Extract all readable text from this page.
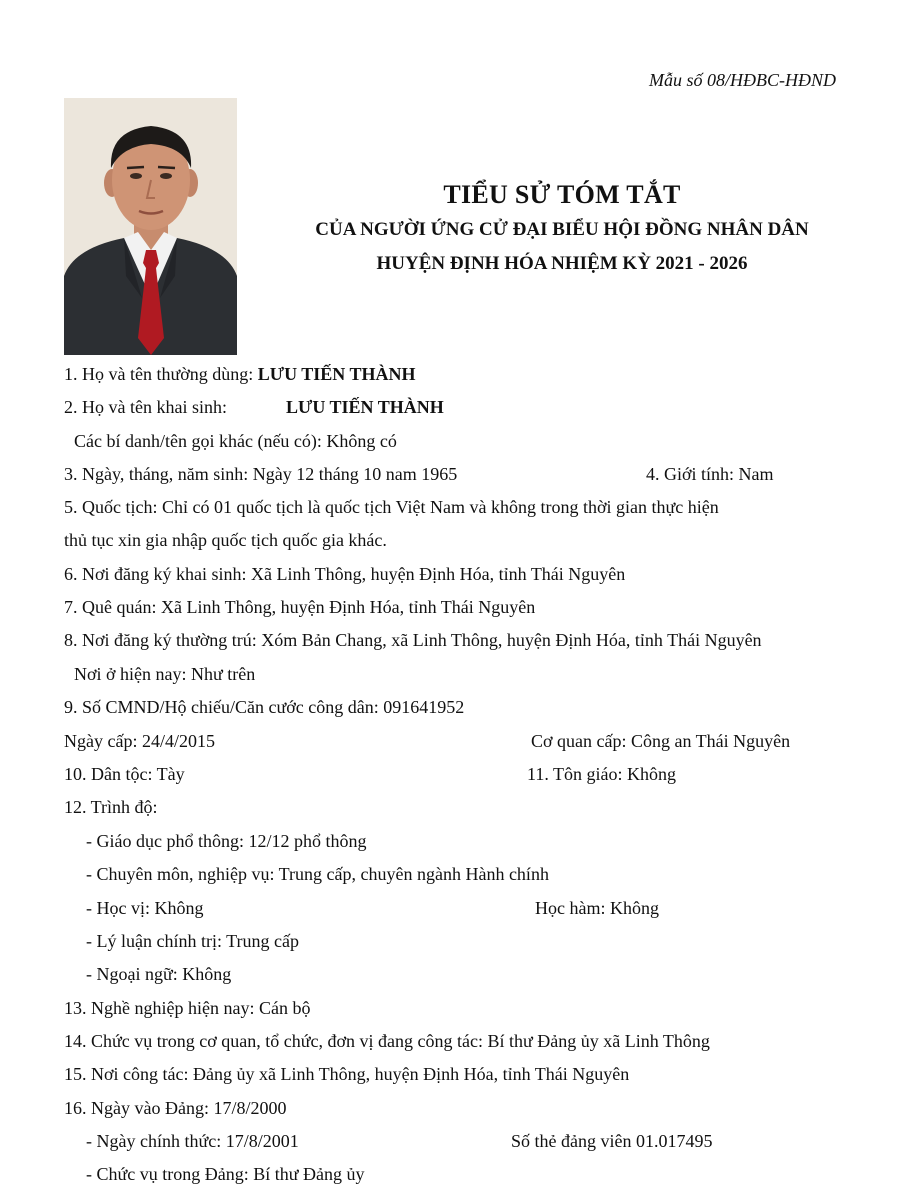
Mẫu số 08/HĐBC-HĐND
TIỂU SỬ TÓM TẮT
CỦA NGƯỜI ỨNG CỬ ĐẠI BIỂU HỘI ĐỒNG NHÂN DÂN
HUYỆN ĐỊNH HÓA NHIỆM KỲ 2021 - 2026
1. Họ và tên thường dùng: LƯU TIẾN THÀNH
2. Họ và tên khai sinh:	LƯU TIẾN THÀNH
Các bí danh/tên gọi khác (nếu có): Không có
3. Ngày, tháng, năm sinh: Ngày 12 tháng 10 nam 1965	4. Giới tính: Nam
5. Quốc tịch: Chỉ có 01 quốc tịch là quốc tịch Việt Nam và không trong thời gian thực hiện
thủ tục xin gia nhập quốc tịch quốc gia khác.
6. Nơi đăng ký khai sinh: Xã Linh Thông, huyện Định Hóa, tỉnh Thái Nguyên
7. Quê quán: Xã Linh Thông, huyện Định Hóa, tỉnh Thái Nguyên
8. Nơi đăng ký thường trú: Xóm Bản Chang, xã Linh Thông, huyện Định Hóa, tỉnh Thái Nguyên
Nơi ở hiện nay: Như trên
9. Số CMND/Hộ chiếu/Căn cước công dân: 091641952
Ngày cấp: 24/4/2015	Cơ quan cấp: Công an Thái Nguyên
10. Dân tộc: Tày	11. Tôn giáo: Không
12. Trình độ:
- Giáo dục phổ thông: 12/12 phổ thông
- Chuyên môn, nghiệp vụ: Trung cấp, chuyên ngành Hành chính
- Học vị: Không	Học hàm: Không
- Lý luận chính trị: Trung cấp
- Ngoại ngữ: Không
13. Nghề nghiệp hiện nay: Cán bộ
14. Chức vụ trong cơ quan, tổ chức, đơn vị đang công tác: Bí thư Đảng ủy xã Linh Thông
15. Nơi công tác: Đảng ủy xã Linh Thông, huyện Định Hóa, tỉnh Thái Nguyên
16. Ngày vào Đảng: 17/8/2000
- Ngày chính thức: 17/8/2001	Số thẻ đảng viên 01.017495
- Chức vụ trong Đảng: Bí thư Đảng ủy
